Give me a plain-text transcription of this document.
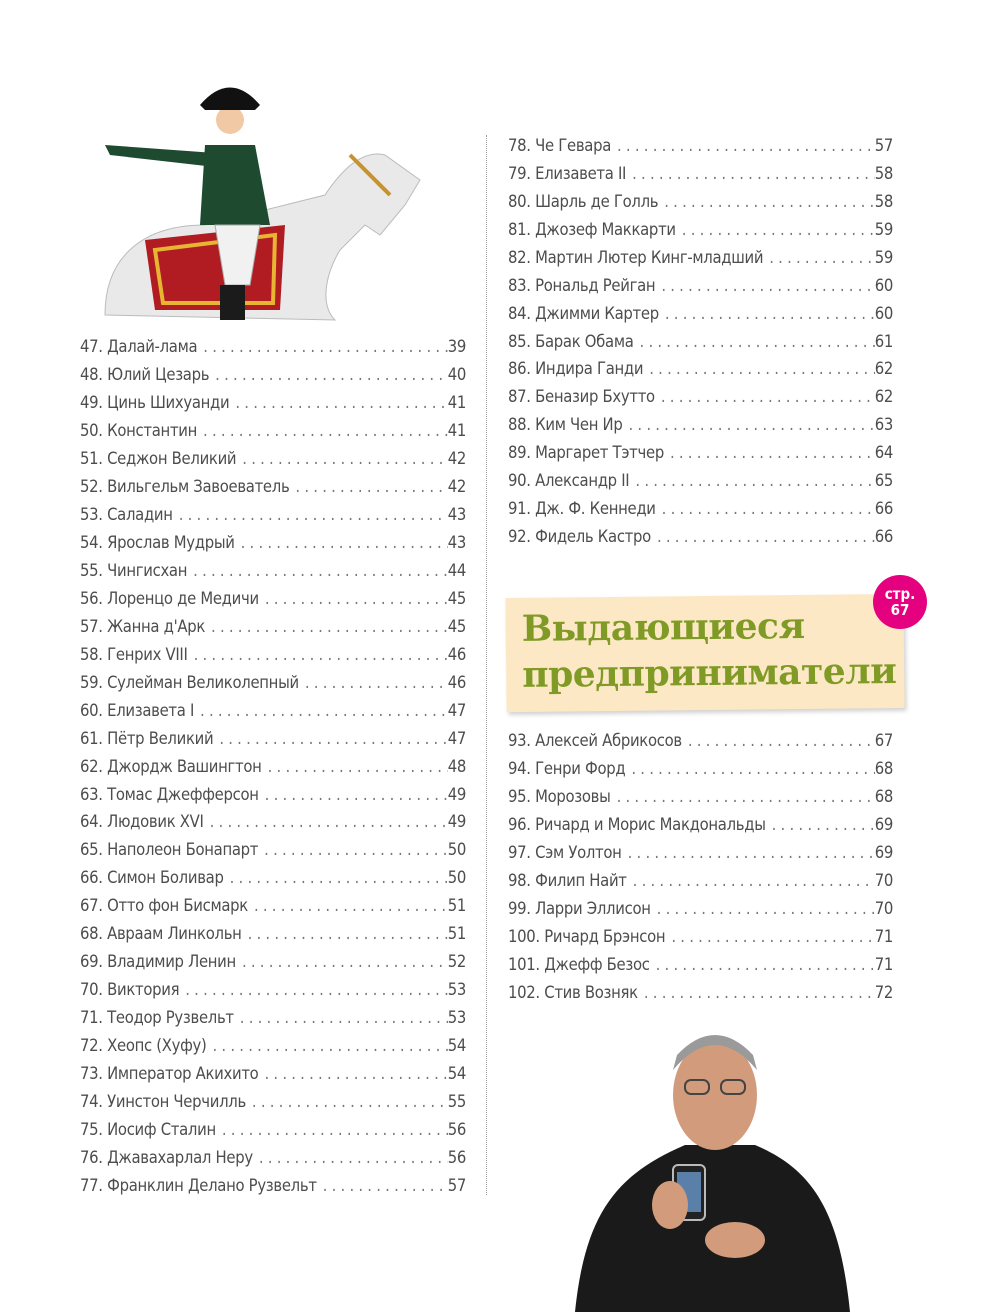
47. Далай-лама . . .	39
48. Юлий Цезарь . . .	40
49. Цинь Шихуанди . . .	41
50. Константин . . .	41
51. Седжон Великий . . .	42
52. Вильгельм Завоеватель . . .	42
53. Саладин . . .	43
54. Ярослав Мудрый . . .	43
55. Чингисхан . . .	44
56. Лоренцо де Медичи . . .	45
57. Жанна д'Арк . . .	45
58. Генрих VIII . . .	46
59. Сулейман Великолепный . . .	46
60. Елизавета I . . .	47
61. Пётр Великий . . .	47
62. Джордж Вашингтон . . .	48
63. Томас Джефферсон . . .	49
64. Людовик XVI . . .	49
65. Наполеон Бонапарт . . .	50
66. Симон Боливар . . .	50
67. Отто фон Бисмарк . . .	51
68. Авраам Линкольн . . .	51
69. Владимир Ленин . . .	52
70. Виктория . . .	53
71. Теодор Рузвельт . . .	53
72. Хеопс (Хуфу) . . .	54
73. Император Акихито . . .	54
74. Уинстон Черчилль . . .	55
75. Иосиф Сталин . . .	56
76. Джавахарлал Неру . . .	56
77. Франклин Делано Рузвельт . . .	57
78. Че Гевара . . .	57
79. Елизавета II . . .	58
80. Шарль де Голль . . .	58
81. Джозеф Маккарти . . .	59
82. Мартин Лютер Кинг-младший . . .	59
83. Рональд Рейган . . .	60
84. Джимми Картер . . .	60
85. Барак Обама . . .	61
86. Индира Ганди . . .	62
87. Беназир Бхутто . . .	62
88. Ким Чен Ир . . .	63
89. Маргарет Тэтчер . . .	64
90. Александр II . . .	65
91. Дж. Ф. Кеннеди . . .	66
92. Фидель Кастро . . .	66
93. Алексей Абрикосов . . .	67
94. Генри Форд . . .	68
95. Морозовы . . .	68
96. Ричард и Морис Макдональды . . .	69
97. Сэм Уолтон . . .	69
98. Филип Найт . . .	70
99. Ларри Эллисон . . .	70
100. Ричард Брэнсон . . .	71
101. Джефф Безос . . .	71
102. Стив Возняк . . .	72
Выдающиеся
предприниматели
стр.
67
